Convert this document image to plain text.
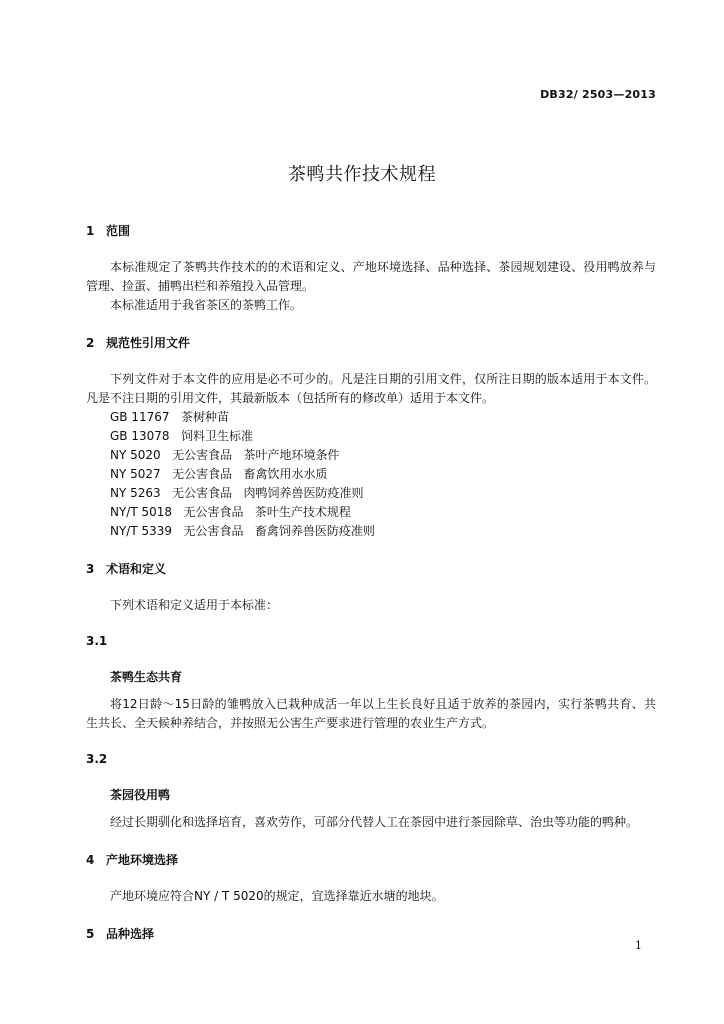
DB32/ 2503—2013
茶鸭共作技术规程

1 范围

本标准规定了茶鸭共作技术的的术语和定义、产地环境选择、品种选择、茶园规划建设、役用鸭放养与管理、捡蛋、捕鸭出栏和养殖投入品管理。

本标准适用于我省茶区的茶鸭工作。

2 规范性引用文件

下列文件对于本文件的应用是必不可少的。凡是注日期的引用文件，仅所注日期的版本适用于本文件。凡是不注日期的引用文件，其最新版本（包括所有的修改单）适用于本文件。

GB 11767   茶树种苗

GB 13078   饲料卫生标准

NY 5020   无公害食品   茶叶产地环境条件

NY 5027   无公害食品   畜禽饮用水水质

NY 5263   无公害食品   肉鸭饲养兽医防疫准则

NY/T 5018   无公害食品   茶叶生产技术规程

NY/T 5339   无公害食品   畜禽饲养兽医防疫准则

3 术语和定义

下列术语和定义适用于本标准：

3.1

茶鸭生态共育

将12日龄～15日龄的雏鸭放入已栽种成活一年以上生长良好且适于放养的茶园内，实行茶鸭共育、共生共长、全天候种养结合，并按照无公害生产要求进行管理的农业生产方式。

3.2

茶园役用鸭

经过长期驯化和选择培育，喜欢劳作，可部分代替人工在茶园中进行茶园除草、治虫等功能的鸭种。

4 产地环境选择

产地环境应符合NY / T 5020的规定，宜选择靠近水塘的地块。

5 品种选择

1
